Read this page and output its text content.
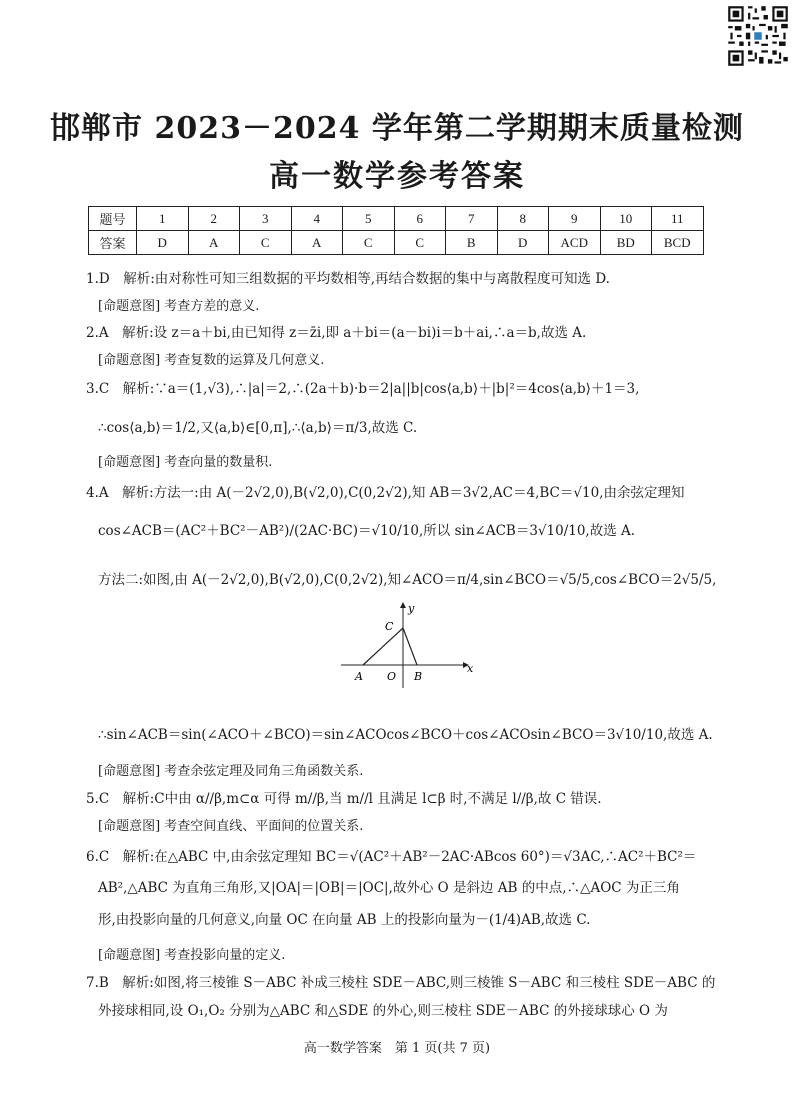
邯郸市 2023－2024 学年第二学期期末质量检测
高一数学参考答案
题号	1	2	3	4	5	6	7	8	9	10	11
答案	D	A	C	A	C	C	B	D	ACD	BD	BCD
1.D　解析:由对称性可知三组数据的平均数相等,再结合数据的集中与离散程度可知选 D.
[命题意图] 考查方差的意义.
2.A　解析:设 z＝a＋bi,由已知得 z＝z̄i,即 a＋bi＝(a－bi)i＝b＋ai,∴a＝b,故选 A.
[命题意图] 考查复数的运算及几何意义.
3.C　解析:∵a＝(1,√3),∴|a|＝2,∴(2a＋b)·b＝2|a||b|cos⟨a,b⟩＋|b|²＝4cos⟨a,b⟩＋1＝3,
∴cos⟨a,b⟩＝1/2,又⟨a,b⟩∈[0,π],∴⟨a,b⟩＝π/3,故选 C.
[命题意图] 考查向量的数量积.
4.A　解析:方法一:由 A(－2√2,0),B(√2,0),C(0,2√2),知 AB＝3√2,AC＝4,BC＝√10,由余弦定理知
cos∠ACB＝(AC²＋BC²－AB²)/(2AC·BC)＝√10/10,所以 sin∠ACB＝3√10/10,故选 A.
方法二:如图,由 A(－2√2,0),B(√2,0),C(0,2√2),知∠ACO＝π/4,sin∠BCO＝√5/5,cos∠BCO＝2√5/5,
x
y
C
A O B
∴sin∠ACB＝sin(∠ACO＋∠BCO)＝sin∠ACOcos∠BCO＋cos∠ACOsin∠BCO＝3√10/10,故选 A.
[命题意图] 考查余弦定理及同角三角函数关系.
5.C　解析:C中由 α//β,m⊂α 可得 m//β,当 m//l 且满足 l⊂β 时,不满足 l//β,故 C 错误.
[命题意图] 考查空间直线、平面间的位置关系.
6.C　解析:在△ABC 中,由余弦定理知 BC＝√(AC²＋AB²－2AC·ABcos 60°)＝√3AC,∴AC²＋BC²＝
AB²,△ABC 为直角三角形,又|OA|＝|OB|＝|OC|,故外心 O 是斜边 AB 的中点,∴△AOC 为正三角
形,由投影向量的几何意义,向量 OC 在向量 AB 上的投影向量为－(1/4)AB,故选 C.
[命题意图] 考查投影向量的定义.
7.B　解析:如图,将三棱锥 S－ABC 补成三棱柱 SDE－ABC,则三棱锥 S－ABC 和三棱柱 SDE－ABC 的
外接球相同,设 O₁,O₂ 分别为△ABC 和△SDE 的外心,则三棱柱 SDE－ABC 的外接球球心 O 为
高一数学答案　第 1 页(共 7 页)
